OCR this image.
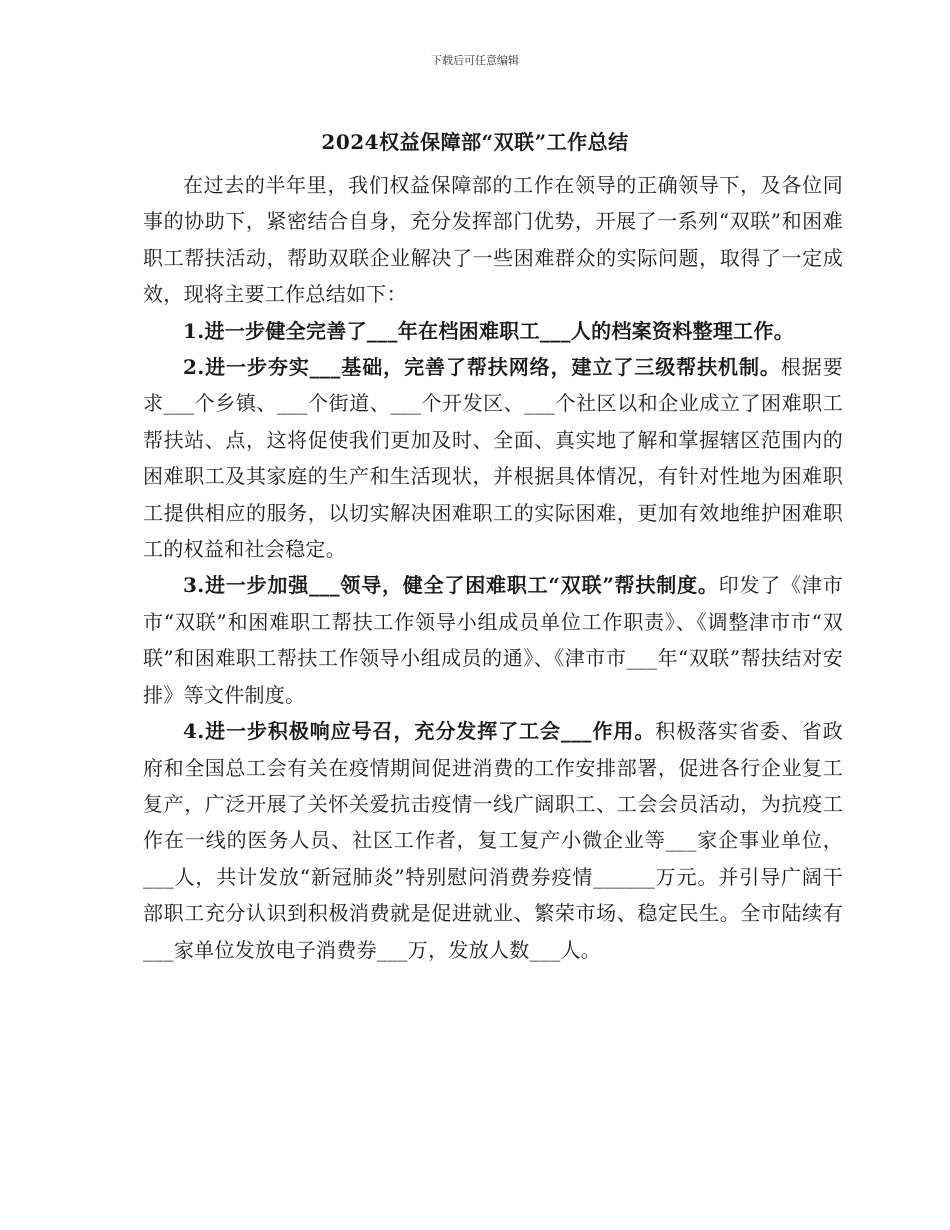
下载后可任意编辑
2024权益保障部“双联”工作总结

在过去的半年里，我们权益保障部的工作在领导的正确领导下，及各位同事的协助下，紧密结合自身，充分发挥部门优势，开展了一系列“双联”和困难职工帮扶活动，帮助双联企业解决了一些困难群众的实际问题，取得了一定成效，现将主要工作总结如下：

1.进一步健全完善了___年在档困难职工___人的档案资料整理工作。

2.进一步夯实___基础，完善了帮扶网络，建立了三级帮扶机制。根据要求___个乡镇、___个街道、___个开发区、___个社区以和企业成立了困难职工帮扶站、点，这将促使我们更加及时、全面、真实地了解和掌握辖区范围内的困难职工及其家庭的生产和生活现状，并根据具体情况，有针对性地为困难职工提供相应的服务，以切实解决困难职工的实际困难，更加有效地维护困难职工的权益和社会稳定。

3.进一步加强___领导，健全了困难职工“双联”帮扶制度。印发了《津市市“双联”和困难职工帮扶工作领导小组成员单位工作职责》、《调整津市市“双联”和困难职工帮扶工作领导小组成员的通》、《津市市___年“双联”帮扶结对安排》等文件制度。

4.进一步积极响应号召，充分发挥了工会___作用。积极落实省委、省政府和全国总工会有关在疫情期间促进消费的工作安排部署，促进各行企业复工复产，广泛开展了关怀关爱抗击疫情一线广阔职工、工会会员活动，为抗疫工作在一线的医务人员、社区工作者，复工复产小微企业等___家企事业单位，___人，共计发放“新冠肺炎”特别慰问消费券疫情______万元。并引导广阔干部职工充分认识到积极消费就是促进就业、繁荣市场、稳定民生。全市陆续有___家单位发放电子消费券___万，发放人数___人。
